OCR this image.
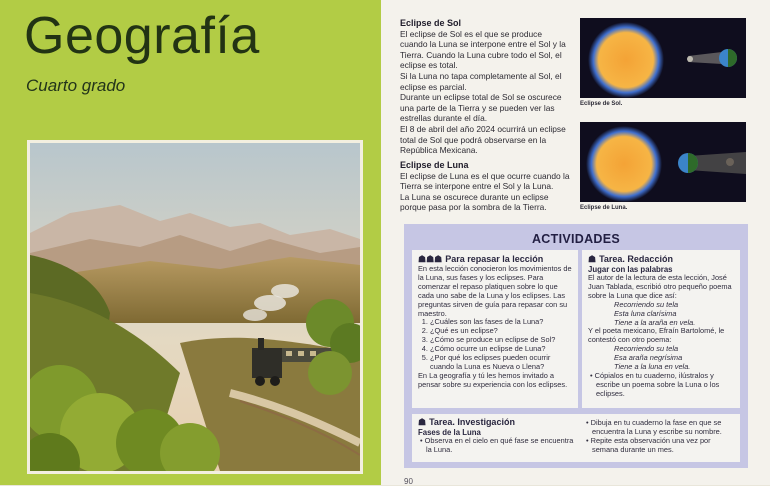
Geografía
Cuarto grado
Eclipse de Sol
El eclipse de Sol es el que se produce cuando la Luna se interpone entre el Sol y la Tierra. Cuando la Luna cubre todo el Sol, el eclipse es total.
Si la Luna no tapa completamente al Sol, el eclipse es parcial.
Durante un eclipse total de Sol se oscurece una parte de la Tierra y se pueden ver las estrellas durante el día.
El 8 de abril del año 2024 ocurrirá un eclipse total de Sol que podrá observarse en la República Mexicana.
Eclipse de Luna
El eclipse de Luna es el que ocurre cuando la Tierra se interpone entre el Sol y la Luna.
La Luna se oscurece durante un eclipse porque pasa por la sombra de la Tierra.
Eclipse de Sol.
Eclipse de Luna.
ACTIVIDADES
☗☗☗ Para repasar la lección
En esta lección conocieron los movimientos de la Luna, sus fases y los eclipses. Para comenzar el repaso platiquen sobre lo que cada uno sabe de la Luna y los eclipses. Las preguntas sirven de guía para repasar con su maestro.
1. ¿Cuáles son las fases de la Luna?
2. ¿Qué es un eclipse?
3. ¿Cómo se produce un eclipse de Sol?
4. ¿Cómo ocurre un eclipse de Luna?
5. ¿Por qué los eclipses pueden ocurrir cuando la Luna es Nueva o Llena?
En La geografía y tú les hemos invitado a pensar sobre su experiencia con los eclipses.
☗ Tarea. Redacción
Jugar con las palabras
El autor de la lectura de esta lección, José Juan Tablada, escribió otro pequeño poema sobre la Luna que dice así:
Recorriendo su tela
Esta luna clarísima
Tiene a la araña en vela.
Y el poeta mexicano, Efraín Bartolomé, le contestó con otro poema:
Recorriendo su tela
Esa araña negrísima
Tiene a la luna en vela.
• Cópialos en tu cuaderno, ilústralos y escribe un poema sobre la Luna o los eclipses.
☗ Tarea. Investigación
Fases de la Luna
• Observa en el cielo en qué fase se encuentra la Luna.
• Dibuja en tu cuaderno la fase en que se encuentra la Luna y escribe su nombre.
• Repite esta observación una vez por semana durante un mes.
90
